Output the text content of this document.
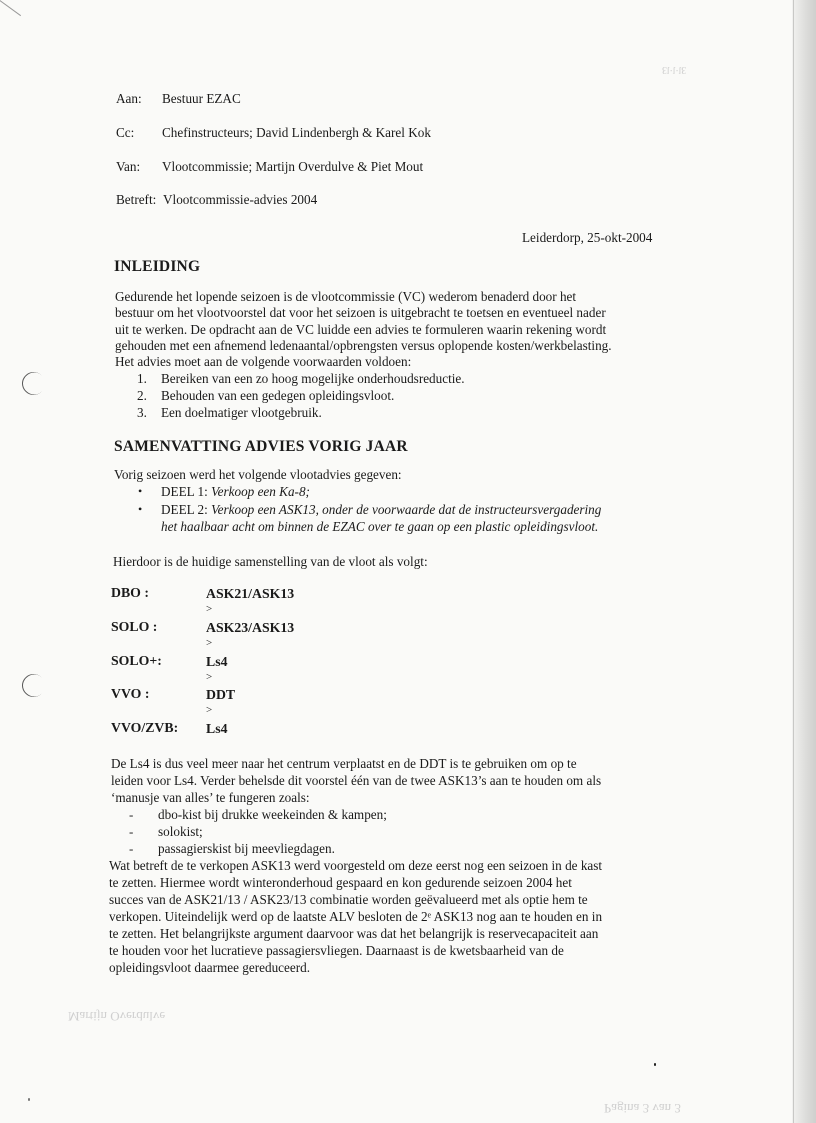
ƐƖ·Ɩ·ƖƐ
Martijn Overdulve
Pagina 3 van 3
Aan: Bestuur EZAC
Cc: Chefinstructeurs; David Lindenbergh & Karel Kok
Van: Vlootcommissie; Martijn Overdulve & Piet Mout
Betreft: Vlootcommissie-advies 2004
Leiderdorp, 25-okt-2004
INLEIDING
Gedurende het lopende seizoen is de vlootcommissie (VC) wederom benaderd door het
bestuur om het vlootvoorstel dat voor het seizoen is uitgebracht te toetsen en eventueel nader
uit te werken. De opdracht aan de VC luidde een advies te formuleren waarin rekening wordt
gehouden met een afnemend ledenaantal/opbrengsten versus oplopende kosten/werkbelasting.
Het advies moet aan de volgende voorwaarden voldoen:
1. Bereiken van een zo hoog mogelijke onderhoudsreductie.
2. Behouden van een gedegen opleidingsvloot.
3. Een doelmatiger vlootgebruik.
SAMENVATTING ADVIES VORIG JAAR
Vorig seizoen werd het volgende vlootadvies gegeven:
• DEEL 1: Verkoop een Ka-8;
• DEEL 2: Verkoop een ASK13, onder de voorwaarde dat de instructeursvergadering
het haalbaar acht om binnen de EZAC over te gaan op een plastic opleidingsvloot.
Hierdoor is de huidige samenstelling van de vloot als volgt:
DBO :	ASK21/ASK13
>
SOLO :	ASK23/ASK13
>
SOLO+:	Ls4
>
VVO :	DDT
>
VVO/ZVB: Ls4
De Ls4 is dus veel meer naar het centrum verplaatst en de DDT is te gebruiken om op te
leiden voor Ls4. Verder behelsde dit voorstel één van de twee ASK13’s aan te houden om als
‘manusje van alles’ te fungeren zoals:
- dbo-kist bij drukke weekeinden & kampen;
- solokist;
- passagierskist bij meevliegdagen.
Wat betreft de te verkopen ASK13 werd voorgesteld om deze eerst nog een seizoen in de kast
te zetten. Hiermee wordt winteronderhoud gespaard en kon gedurende seizoen 2004 het
succes van de ASK21/13 / ASK23/13 combinatie worden geëvalueerd met als optie hem te
verkopen. Uiteindelijk werd op de laatste ALV besloten de 2ᵉ ASK13 nog aan te houden en in
te zetten. Het belangrijkste argument daarvoor was dat het belangrijk is reservecapaciteit aan
te houden voor het lucratieve passagiersvliegen. Daarnaast is de kwetsbaarheid van de
opleidingsvloot daarmee gereduceerd.
